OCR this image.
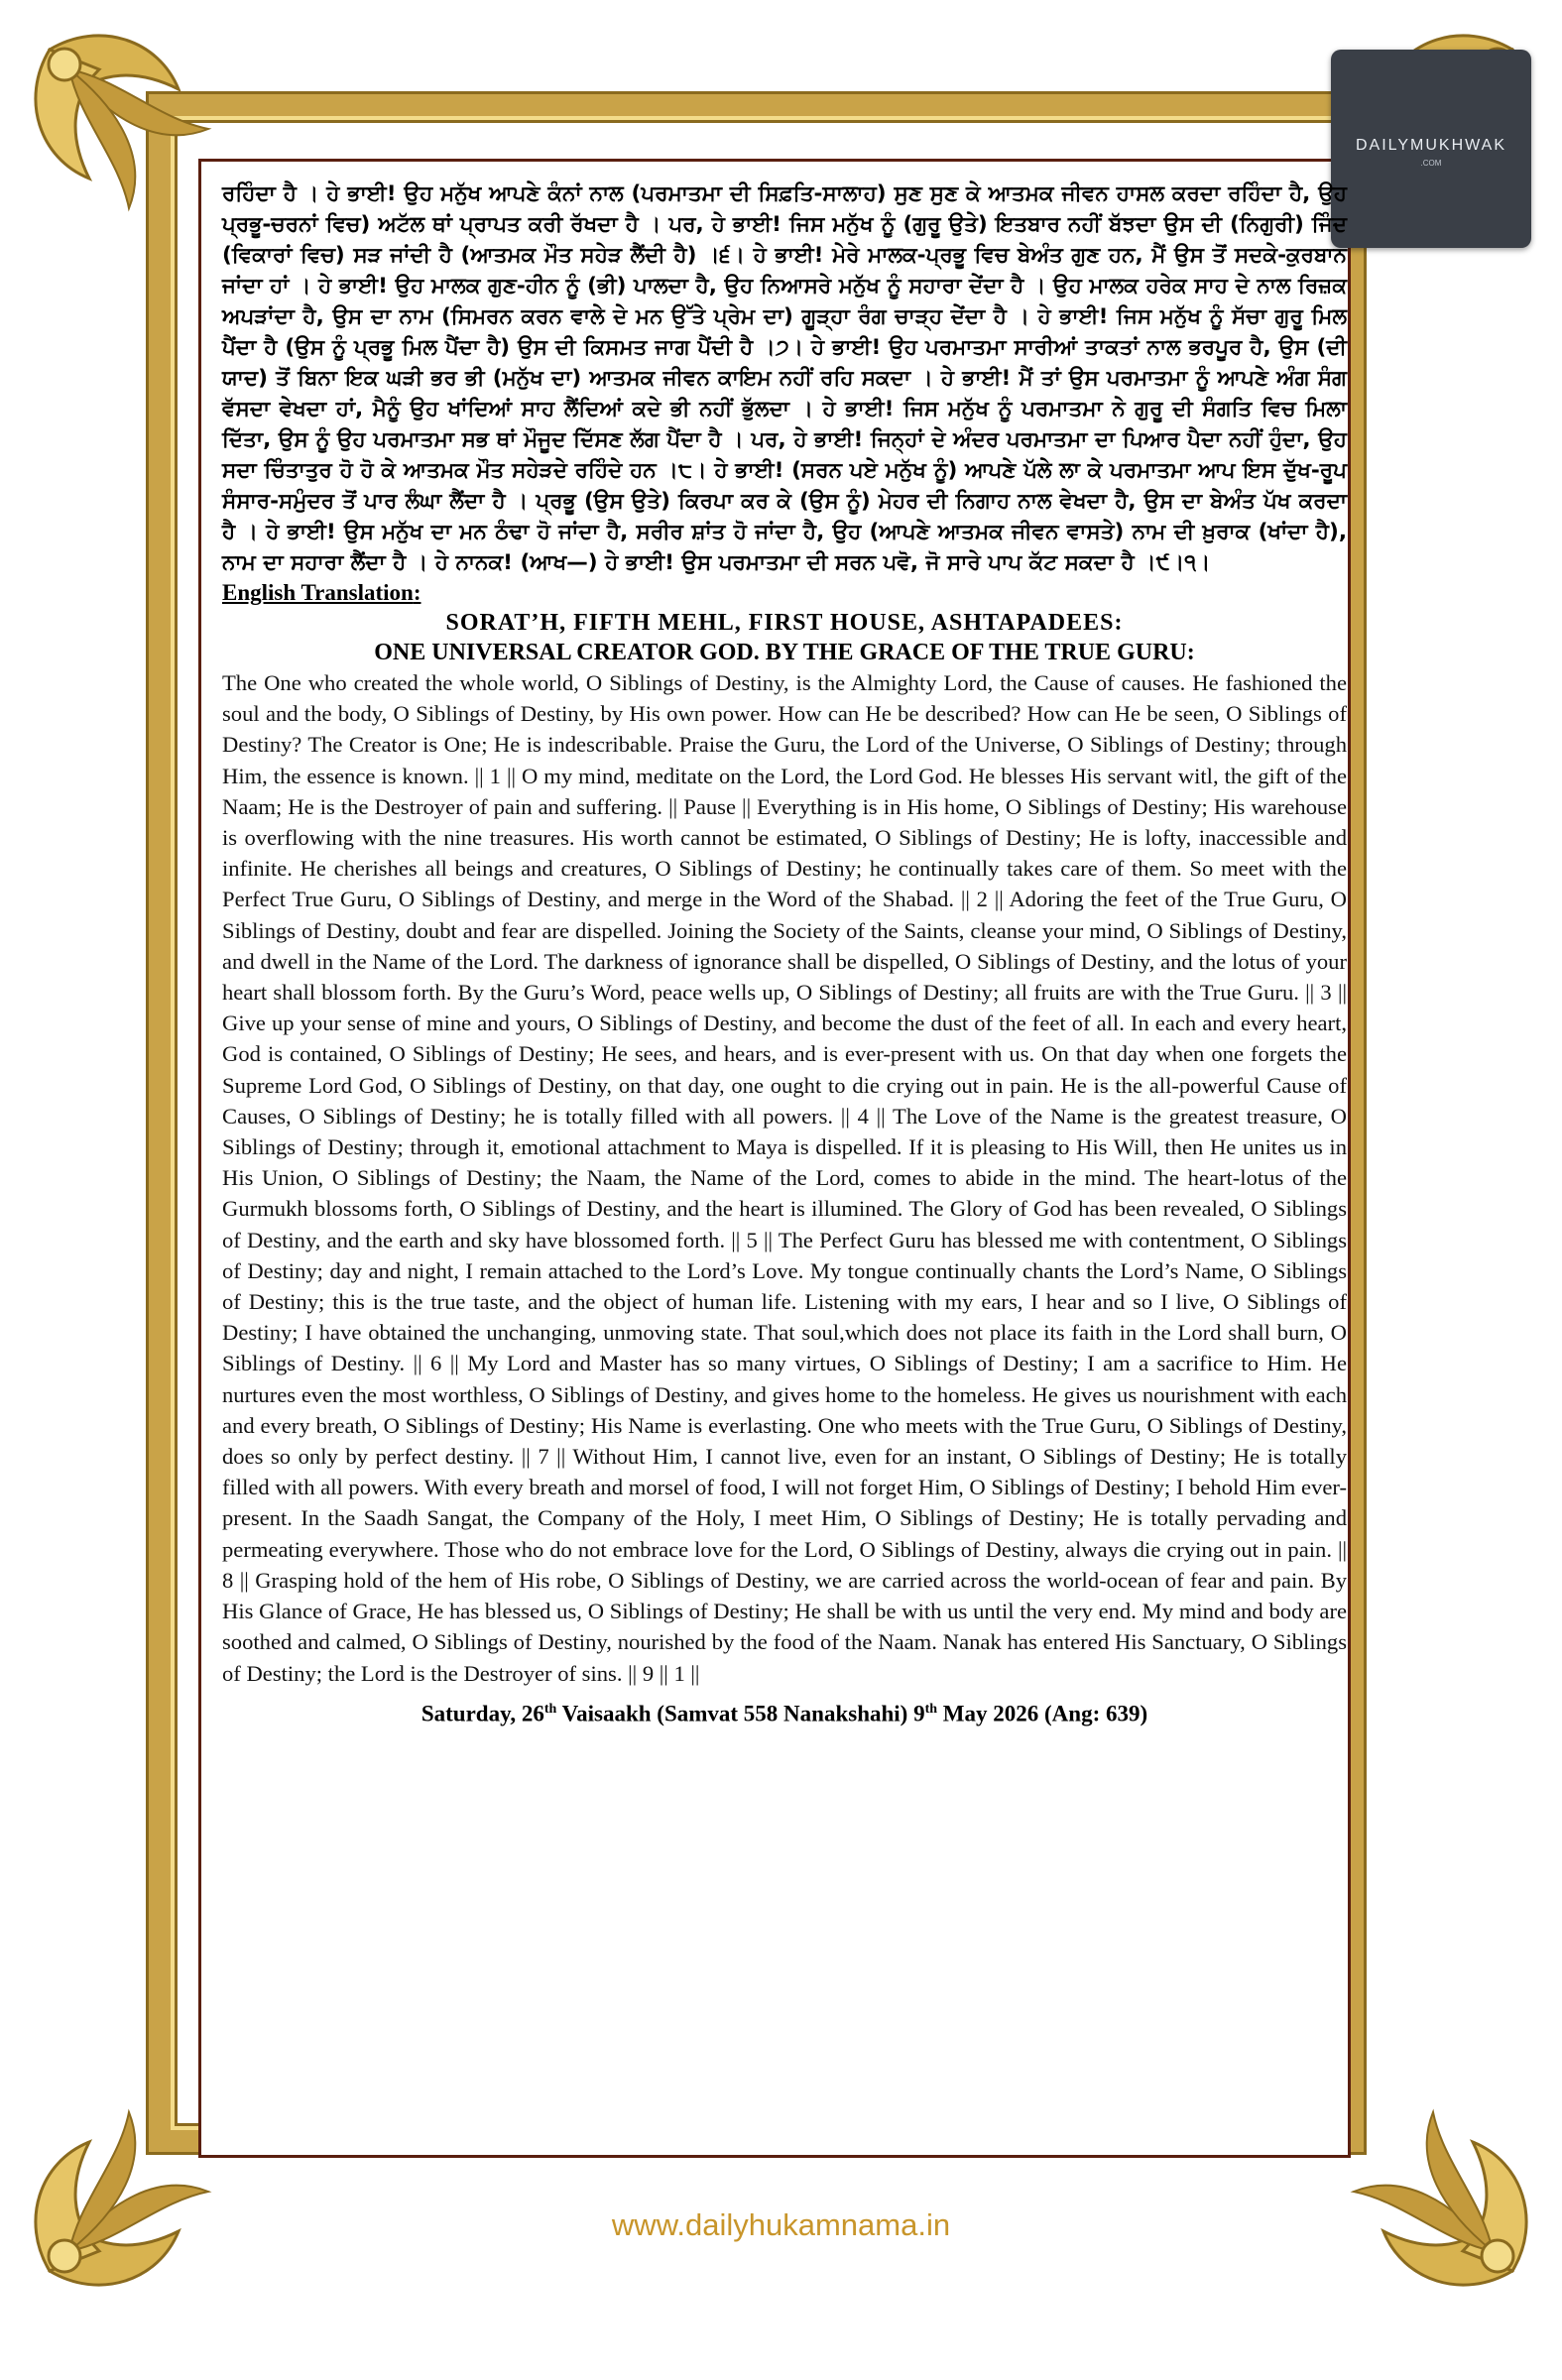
DAILYMUKHWAK
.COM

ਰਹਿੰਦਾ ਹੈ । ਹੇ ਭਾਈ! ਉਹ ਮਨੁੱਖ ਆਪਣੇ ਕੰਨਾਂ ਨਾਲ (ਪਰਮਾਤਮਾ ਦੀ ਸਿਫ਼ਤਿ-ਸਾਲਾਹ) ਸੁਣ ਸੁਣ ਕੇ ਆਤਮਕ ਜੀਵਨ ਹਾਸਲ ਕਰਦਾ ਰਹਿੰਦਾ ਹੈ, ਉਹ ਪ੍ਰਭੂ-ਚਰਨਾਂ ਵਿਚ) ਅਟੱਲ ਥਾਂ ਪ੍ਰਾਪਤ ਕਰੀ ਰੱਖਦਾ ਹੈ । ਪਰ, ਹੇ ਭਾਈ! ਜਿਸ ਮਨੁੱਖ ਨੂੰ (ਗੁਰੂ ਉਤੇ) ਇਤਬਾਰ ਨਹੀਂ ਬੱਝਦਾ ਉਸ ਦੀ (ਨਿਗੁਰੀ) ਜਿੰਦ (ਵਿਕਾਰਾਂ ਵਿਚ) ਸੜ ਜਾਂਦੀ ਹੈ (ਆਤਮਕ ਮੌਤ ਸਹੇੜ ਲੈਂਦੀ ਹੈ) ।੬। ਹੇ ਭਾਈ! ਮੇਰੇ ਮਾਲਕ-ਪ੍ਰਭੂ ਵਿਚ ਬੇਅੰਤ ਗੁਣ ਹਨ, ਮੈਂ ਉਸ ਤੋਂ ਸਦਕੇ-ਕੁਰਬਾਨ ਜਾਂਦਾ ਹਾਂ । ਹੇ ਭਾਈ! ਉਹ ਮਾਲਕ ਗੁਣ-ਹੀਨ ਨੂੰ (ਭੀ) ਪਾਲਦਾ ਹੈ, ਉਹ ਨਿਆਸਰੇ ਮਨੁੱਖ ਨੂੰ ਸਹਾਰਾ ਦੇਂਦਾ ਹੈ । ਉਹ ਮਾਲਕ ਹਰੇਕ ਸਾਹ ਦੇ ਨਾਲ ਰਿਜ਼ਕ ਅਪੜਾਂਦਾ ਹੈ, ਉਸ ਦਾ ਨਾਮ (ਸਿਮਰਨ ਕਰਨ ਵਾਲੇ ਦੇ ਮਨ ਉੱਤੇ ਪ੍ਰੇਮ ਦਾ) ਗੂੜ੍ਹਾ ਰੰਗ ਚਾੜ੍ਹ ਦੇਂਦਾ ਹੈ । ਹੇ ਭਾਈ! ਜਿਸ ਮਨੁੱਖ ਨੂੰ ਸੱਚਾ ਗੁਰੂ ਮਿਲ ਪੈਂਦਾ ਹੈ (ਉਸ ਨੂੰ ਪ੍ਰਭੂ ਮਿਲ ਪੈਂਦਾ ਹੈ) ਉਸ ਦੀ ਕਿਸਮਤ ਜਾਗ ਪੈਂਦੀ ਹੈ ।੭। ਹੇ ਭਾਈ! ਉਹ ਪਰਮਾਤਮਾ ਸਾਰੀਆਂ ਤਾਕਤਾਂ ਨਾਲ ਭਰਪੂਰ ਹੈ, ਉਸ (ਦੀ ਯਾਦ) ਤੋਂ ਬਿਨਾ ਇਕ ਘੜੀ ਭਰ ਭੀ (ਮਨੁੱਖ ਦਾ) ਆਤਮਕ ਜੀਵਨ ਕਾਇਮ ਨਹੀਂ ਰਹਿ ਸਕਦਾ । ਹੇ ਭਾਈ! ਮੈਂ ਤਾਂ ਉਸ ਪਰਮਾਤਮਾ ਨੂੰ ਆਪਣੇ ਅੰਗ ਸੰਗ ਵੱਸਦਾ ਵੇਖਦਾ ਹਾਂ, ਮੈਨੂੰ ਉਹ ਖਾਂਦਿਆਂ ਸਾਹ ਲੈਂਦਿਆਂ ਕਦੇ ਭੀ ਨਹੀਂ ਭੁੱਲਦਾ । ਹੇ ਭਾਈ! ਜਿਸ ਮਨੁੱਖ ਨੂੰ ਪਰਮਾਤਮਾ ਨੇ ਗੁਰੂ ਦੀ ਸੰਗਤਿ ਵਿਚ ਮਿਲਾ ਦਿੱਤਾ, ਉਸ ਨੂੰ ਉਹ ਪਰਮਾਤਮਾ ਸਭ ਥਾਂ ਮੌਜੂਦ ਦਿੱਸਣ ਲੱਗ ਪੈਂਦਾ ਹੈ । ਪਰ, ਹੇ ਭਾਈ! ਜਿਨ੍ਹਾਂ ਦੇ ਅੰਦਰ ਪਰਮਾਤਮਾ ਦਾ ਪਿਆਰ ਪੈਦਾ ਨਹੀਂ ਹੁੰਦਾ, ਉਹ ਸਦਾ ਚਿੰਤਾਤੁਰ ਹੋ ਹੋ ਕੇ ਆਤਮਕ ਮੌਤ ਸਹੇੜਦੇ ਰਹਿੰਦੇ ਹਨ ।੮। ਹੇ ਭਾਈ! (ਸਰਨ ਪਏ ਮਨੁੱਖ ਨੂੰ) ਆਪਣੇ ਪੱਲੇ ਲਾ ਕੇ ਪਰਮਾਤਮਾ ਆਪ ਇਸ ਦੁੱਖ-ਰੂਪ ਸੰਸਾਰ-ਸਮੁੰਦਰ ਤੋਂ ਪਾਰ ਲੰਘਾ ਲੈਂਦਾ ਹੈ । ਪ੍ਰਭੂ (ਉਸ ਉਤੇ) ਕਿਰਪਾ ਕਰ ਕੇ (ਉਸ ਨੂੰ) ਮੇਹਰ ਦੀ ਨਿਗਾਹ ਨਾਲ ਵੇਖਦਾ ਹੈ, ਉਸ ਦਾ ਬੇਅੰਤ ਪੱਖ ਕਰਦਾ ਹੈ । ਹੇ ਭਾਈ! ਉਸ ਮਨੁੱਖ ਦਾ ਮਨ ਠੰਢਾ ਹੋ ਜਾਂਦਾ ਹੈ, ਸਰੀਰ ਸ਼ਾਂਤ ਹੋ ਜਾਂਦਾ ਹੈ, ਉਹ (ਆਪਣੇ ਆਤਮਕ ਜੀਵਨ ਵਾਸਤੇ) ਨਾਮ ਦੀ ਖ਼ੁਰਾਕ (ਖਾਂਦਾ ਹੈ), ਨਾਮ ਦਾ ਸਹਾਰਾ ਲੈਂਦਾ ਹੈ । ਹੇ ਨਾਨਕ! (ਆਖ—) ਹੇ ਭਾਈ! ਉਸ ਪਰਮਾਤਮਾ ਦੀ ਸਰਨ ਪਵੋ, ਜੋ ਸਾਰੇ ਪਾਪ ਕੱਟ ਸਕਦਾ ਹੈ ।੯।੧।

English Translation:

SORAT’H, FIFTH MEHL, FIRST HOUSE, ASHTAPADEES:

ONE UNIVERSAL CREATOR GOD. BY THE GRACE OF THE TRUE GURU:

The One who created the whole world, O Siblings of Destiny, is the Almighty Lord, the Cause of causes. He fashioned the soul and the body, O Siblings of Destiny, by His own power. How can He be described? How can He be seen, O Siblings of Destiny? The Creator is One; He is indescribable. Praise the Guru, the Lord of the Universe, O Siblings of Destiny; through Him, the essence is known. || 1 || O my mind, meditate on the Lord, the Lord God. He blesses His servant witl, the gift of the Naam; He is the Destroyer of pain and suffering. || Pause || Everything is in His home, O Siblings of Destiny; His warehouse is overflowing with the nine treasures. His worth cannot be estimated, O Siblings of Destiny; He is lofty, inaccessible and infinite. He cherishes all beings and creatures, O Siblings of Destiny; he continually takes care of them. So meet with the Perfect True Guru, O Siblings of Destiny, and merge in the Word of the Shabad. || 2 || Adoring the feet of the True Guru, O Siblings of Destiny, doubt and fear are dispelled. Joining the Society of the Saints, cleanse your mind, O Siblings of Destiny, and dwell in the Name of the Lord. The darkness of ignorance shall be dispelled, O Siblings of Destiny, and the lotus of your heart shall blossom forth. By the Guru’s Word, peace wells up, O Siblings of Destiny; all fruits are with the True Guru. || 3 || Give up your sense of mine and yours, O Siblings of Destiny, and become the dust of the feet of all. In each and every heart, God is contained, O Siblings of Destiny; He sees, and hears, and is ever-present with us. On that day when one forgets the Supreme Lord God, O Siblings of Destiny, on that day, one ought to die crying out in pain. He is the all-powerful Cause of Causes, O Siblings of Destiny; he is totally filled with all powers. || 4 || The Love of the Name is the greatest treasure, O Siblings of Destiny; through it, emotional attachment to Maya is dispelled. If it is pleasing to His Will, then He unites us in His Union, O Siblings of Destiny; the Naam, the Name of the Lord, comes to abide in the mind. The heart-lotus of the Gurmukh blossoms forth, O Siblings of Destiny, and the heart is illumined. The Glory of God has been revealed, O Siblings of Destiny, and the earth and sky have blossomed forth. || 5 || The Perfect Guru has blessed me with contentment, O Siblings of Destiny; day and night, I remain attached to the Lord’s Love. My tongue continually chants the Lord’s Name, O Siblings of Destiny; this is the true taste, and the object of human life. Listening with my ears, I hear and so I live, O Siblings of Destiny; I have obtained the unchanging, unmoving state. That soul,which does not place its faith in the Lord shall burn, O Siblings of Destiny. || 6 || My Lord and Master has so many virtues, O Siblings of Destiny; I am a sacrifice to Him. He nurtures even the most worthless, O Siblings of Destiny, and gives home to the homeless. He gives us nourishment with each and every breath, O Siblings of Destiny; His Name is everlasting. One who meets with the True Guru, O Siblings of Destiny, does so only by perfect destiny. || 7 || Without Him, I cannot live, even for an instant, O Siblings of Destiny; He is totally filled with all powers. With every breath and morsel of food, I will not forget Him, O Siblings of Destiny; I behold Him ever-present. In the Saadh Sangat, the Company of the Holy, I meet Him, O Siblings of Destiny; He is totally pervading and permeating everywhere. Those who do not embrace love for the Lord, O Siblings of Destiny, always die crying out in pain. || 8 || Grasping hold of the hem of His robe, O Siblings of Destiny, we are carried across the world-ocean of fear and pain. By His Glance of Grace, He has blessed us, O Siblings of Destiny; He shall be with us until the very end. My mind and body are soothed and calmed, O Siblings of Destiny, nourished by the food of the Naam. Nanak has entered His Sanctuary, O Siblings of Destiny; the Lord is the Destroyer of sins. || 9 || 1 ||

Saturday, 26th Vaisaakh (Samvat 558 Nanakshahi) 9th May 2026 (Ang: 639)

www.dailyhukamnama.in
